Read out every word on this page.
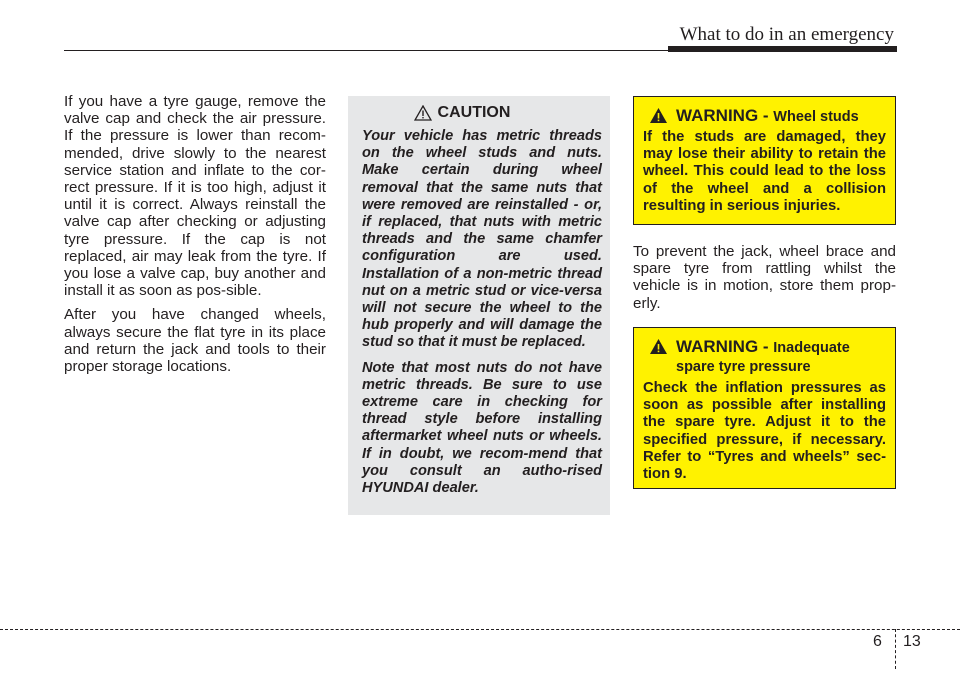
What to do in an emergency

If you have a tyre gauge, remove the valve cap and check the air pressure. If the pressure is lower than recom-mended, drive slowly to the nearest service station and inflate to the cor-rect pressure. If it is too high, adjust it until it is correct. Always reinstall the valve cap after checking or adjusting tyre pressure. If the cap is not replaced, air may leak from the tyre. If you lose a valve cap, buy another and install it as soon as pos-sible.

After you have changed wheels, always secure the flat tyre in its place and return the jack and tools to their proper storage locations.

CAUTION

Your vehicle has metric threads on the wheel studs and nuts. Make certain during wheel removal that the same nuts that were removed are reinstalled - or, if replaced, that nuts with metric threads and the same chamfer configuration are used. Installation of a non-metric thread nut on a metric stud or vice-versa will not secure the wheel to the hub properly and will damage the stud so that it must be replaced.

Note that most nuts do not have metric threads. Be sure to use extreme care in checking for thread style before installing aftermarket wheel nuts or wheels. If in doubt, we recom-mend that you consult an autho-rised HYUNDAI dealer.

WARNING - Wheel studs

If the studs are damaged, they may lose their ability to retain the wheel. This could lead to the loss of the wheel and a collision resulting in serious injuries.

To prevent the jack, wheel brace and spare tyre from rattling whilst the vehicle is in motion, store them prop-erly.

WARNING - Inadequate
spare tyre pressure

Check the inflation pressures as soon as possible after installing the spare tyre. Adjust it to the specified pressure, if necessary. Refer to “Tyres and wheels” sec-tion 9.

6 13
